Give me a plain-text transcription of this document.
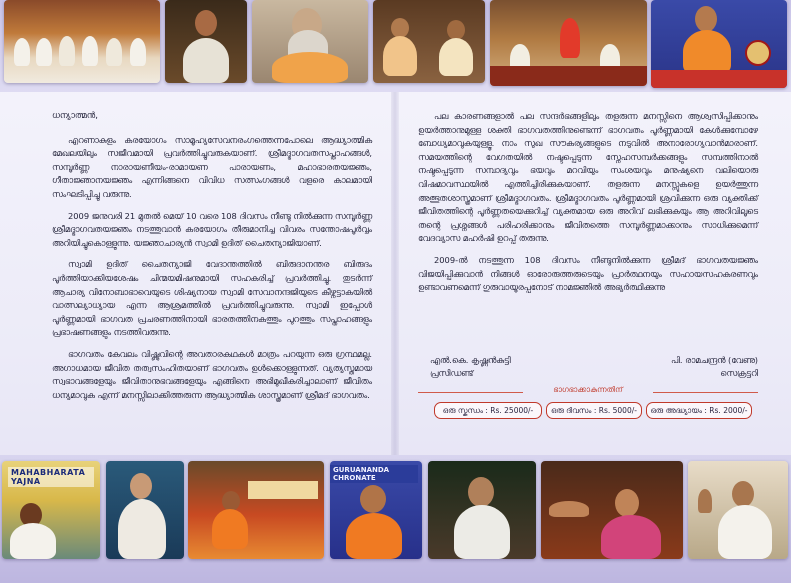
ധന്യാത്മൻ,

എറണാകുളം കരയോഗം സാമൂഹ്യസേവനരംഗത്തെന്നപോലെ ആദ്ധ്യാത്മിക മേഖലയിലും സജീവമായി പ്രവർത്തിച്ചുവരുകയാണ്. ശ്രീമദ്ഭാഗവതസപ്താഹങ്ങൾ, സമ്പൂർണ്ണ നാരായണീയം-രാമായണ പാരായണം, മഹാഭാരതയജ്ഞം, ഗീതാജ്ഞാനയജ്ഞം എന്നിങ്ങനെ വിവിധ സത്സംഗങ്ങൾ വളരെ കാലമായി സംഘടിപ്പിച്ചു വരുന്നു.

2009 ജനുവരി 21 മുതൽ മെയ് 10 വരെ 108 ദിവസം നീണ്ടു നിൽക്കുന്ന സമ്പൂർണ്ണ ശ്രീമദ്ഭാഗവതയജ്ഞം നടത്തുവാൻ കരയോഗം തീരുമാനിച്ച വിവരം സന്തോഷപൂർവ്വം അറിയിച്ചുകൊള്ളുന്നു. യജ്ഞാചാര്യൻ സ്വാമി ഉദിത് ചൈതന്യാജിയാണ്.

സ്വാമി ഉദിത് ചൈതന്യാജി വേദാന്തത്തിൽ ബിരുദാനന്തര ബിരുദം പൂർത്തിയാക്കിയശേഷം ചിന്മയമിഷനുമായി സഹകരിച്ച് പ്രവർത്തിച്ചു. തുടർന്ന് ആചാര്യ വിനോബാഭാവെയുടെ ശിഷ്യനായ സ്വാമി സേവാനന്ദജിയുടെ കീഴ്നട്ടാകയിൽ വാത്സല്യാധ്യായ എന്ന ആശ്രമത്തിൽ പ്രവർത്തിച്ചുവരുന്നു. സ്വാമി ഇപ്പോൾ പൂർണ്ണമായി ഭാഗവത പ്രചരണത്തിനായി ഭാരതത്തിനകത്തും പുറത്തും സപ്താഹങ്ങളും പ്രഭാഷണങ്ങളും നടത്തിവരുന്നു.

ഭാഗവതം കേവലം വിഷ്ണുവിന്റെ അവതാരകഥകൾ മാത്രം പറയുന്ന ഒരു ഗ്രന്ഥമല്ല. അഗാധമായ ജീവിത തത്വസംഹിതയാണ് ഭാഗവതം ഉൾക്കൊള്ളുന്നത്. വ്യത്യസ്തമായ സ്വഭാവങ്ങളേയും ജീവിതാനുഭവങ്ങളേയും എങ്ങിനെ അഭിമുഖീകരിച്ചാലാണ് ജീവിതം ധന്യമാവുക എന്ന് മനസ്സിലാക്കിത്തരുന്ന ആദ്ധ്യാത്മിക ശാസ്ത്രമാണ് ശ്രീമദ് ഭാഗവതം.

പല കാരണങ്ങളാൽ പല സന്ദർഭങ്ങളിലും തളരുന്ന മനസ്സിനെ ആശ്വസിപ്പിക്കാനും ഉയർത്താനുമുള്ള ശക്തി ഭാഗവതത്തിനുണ്ടെന്ന് ഭാഗവതം പൂർണ്ണമായി കേൾക്കുമ്പോഴേ ബോധ്യമാവുകയുള്ളൂ. നാം സുഖ സൗകര്യങ്ങളുടെ നടുവിൽ അനാരോഗ്യവാൻമാരാണ്. സമയത്തിന്റെ വേഗതയിൽ നഷ്ടപ്പെടുന്ന സ്നേഹസമ്പർക്കങ്ങളും സമ്പത്തിനാൽ നഷ്ടപ്പെടുന്ന സമ്പാദ്യവും ഭയവും മറവിയും സംശയവും മനുഷ്യനെ വലിയൊരു വിഷമാവസ്ഥയിൽ എത്തിച്ചിരിക്കുകയാണ്. തളരുന്ന മനസ്സുകളെ ഉയർത്തുന്ന അത്ഭുതശാസ്ത്രമാണ് ശ്രീമദ്ഭാഗവതം. ശ്രീമദ്ഭാഗവതം പൂർണ്ണമായി ശ്രവിക്കുന്ന ഒരു വ്യക്തിക്ക് ജീവിതത്തിന്റെ പൂർണ്ണതയെക്കുറിച്ച് വ്യക്തമായ ഒരു അറിവ് ലഭിക്കുകയും ആ അറിവിലൂടെ തന്റെ പ്രശ്നങ്ങൾ പരിഹരിക്കാനും ജീവിതത്തെ സമ്പൂർണ്ണമാക്കാനും സാധിക്കുമെന്ന് വേദവ്യാസ മഹർഷി ഉറപ്പ് തരുന്നു.

2009-ൽ നടത്തുന്ന 108 ദിവസം നീണ്ടുനിൽക്കുന്ന ശ്രീമദ് ഭാഗവതയജ്ഞം വിജയിപ്പിക്കുവാൻ നിങ്ങൾ ഓരോരുത്തരുടെയും പ്രാർത്ഥനയും സഹായസഹകരണവും ഉണ്ടാവണമെന്ന് ഗുരുവായൂരപ്പനോട് നാമജ്ഞിൽ അഭ്യർത്ഥിക്കുന്നു

എൽ.കെ. കൃഷ്ണൻകുട്ടി
പ്രസിഡണ്ട്
പി. രാമചന്ദ്രൻ (വേണു)
സെക്രട്ടറി
ഭാഗഭാക്കാകുന്നതിന്
ഒരു സ്കന്ധം : Rs. 25000/-	ഒരു ദിവസം : Rs. 5000/-	ഒരു അദ്ധ്യായം : Rs. 2000/-
MAHABHARATA YAJNA
GURUANANDA CHRONATE
